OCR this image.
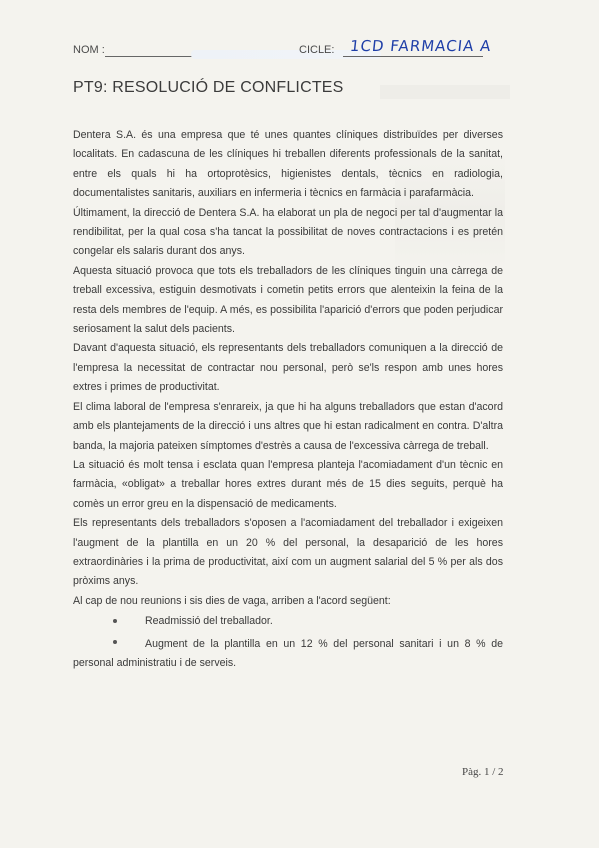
NOM :	CICLE: 1CD FARMACIA A
PT9: RESOLUCIÓ DE CONFLICTES

Dentera S.A. és una empresa que té unes quantes clíniques distribuïdes per diverses localitats. En cadascuna de les clíniques hi treballen diferents professionals de la sanitat, entre els quals hi ha ortoprotèsics, higienistes dentals, tècnics en radiologia, documentalistes sanitaris, auxiliars en infermeria i tècnics en farmàcia i parafarmàcia.

Últimament, la direcció de Dentera S.A. ha elaborat un pla de negoci per tal d'augmentar la rendibilitat, per la qual cosa s'ha tancat la possibilitat de noves contractacions i es pretén congelar els salaris durant dos anys.

Aquesta situació provoca que tots els treballadors de les clíniques tinguin una càrrega de treball excessiva, estiguin desmotivats i cometin petits errors que alenteixin la feina de la resta dels membres de l'equip. A més, es possibilita l'aparició d'errors que poden perjudicar seriosament la salut dels pacients.

Davant d'aquesta situació, els representants dels treballadors comuniquen a la direcció de l'empresa la necessitat de contractar nou personal, però se'ls respon amb unes hores extres i primes de productivitat.

El clima laboral de l'empresa s'enrareix, ja que hi ha alguns treballadors que estan d'acord amb els plantejaments de la direcció i uns altres que hi estan radicalment en contra. D'altra banda, la majoria pateixen símptomes d'estrès a causa de l'excessiva càrrega de treball.

La situació és molt tensa i esclata quan l'empresa planteja l'acomiadament d'un tècnic en farmàcia, «obligat» a treballar hores extres durant més de 15 dies seguits, perquè ha comès un error greu en la dispensació de medicaments.

Els representants dels treballadors s'oposen a l'acomiadament del treballador i exigeixen l'augment de la plantilla en un 20 % del personal, la desaparició de les hores extraordinàries i la prima de productivitat, així com un augment salarial del 5 % per als dos pròxims anys.

Al cap de nou reunions i sis dies de vaga, arriben a l'acord següent:

Readmissió del treballador.
Augment de la plantilla en un 12 % del personal sanitari i un 8 % de personal administratiu i de serveis.
Pàg. 1 / 2
